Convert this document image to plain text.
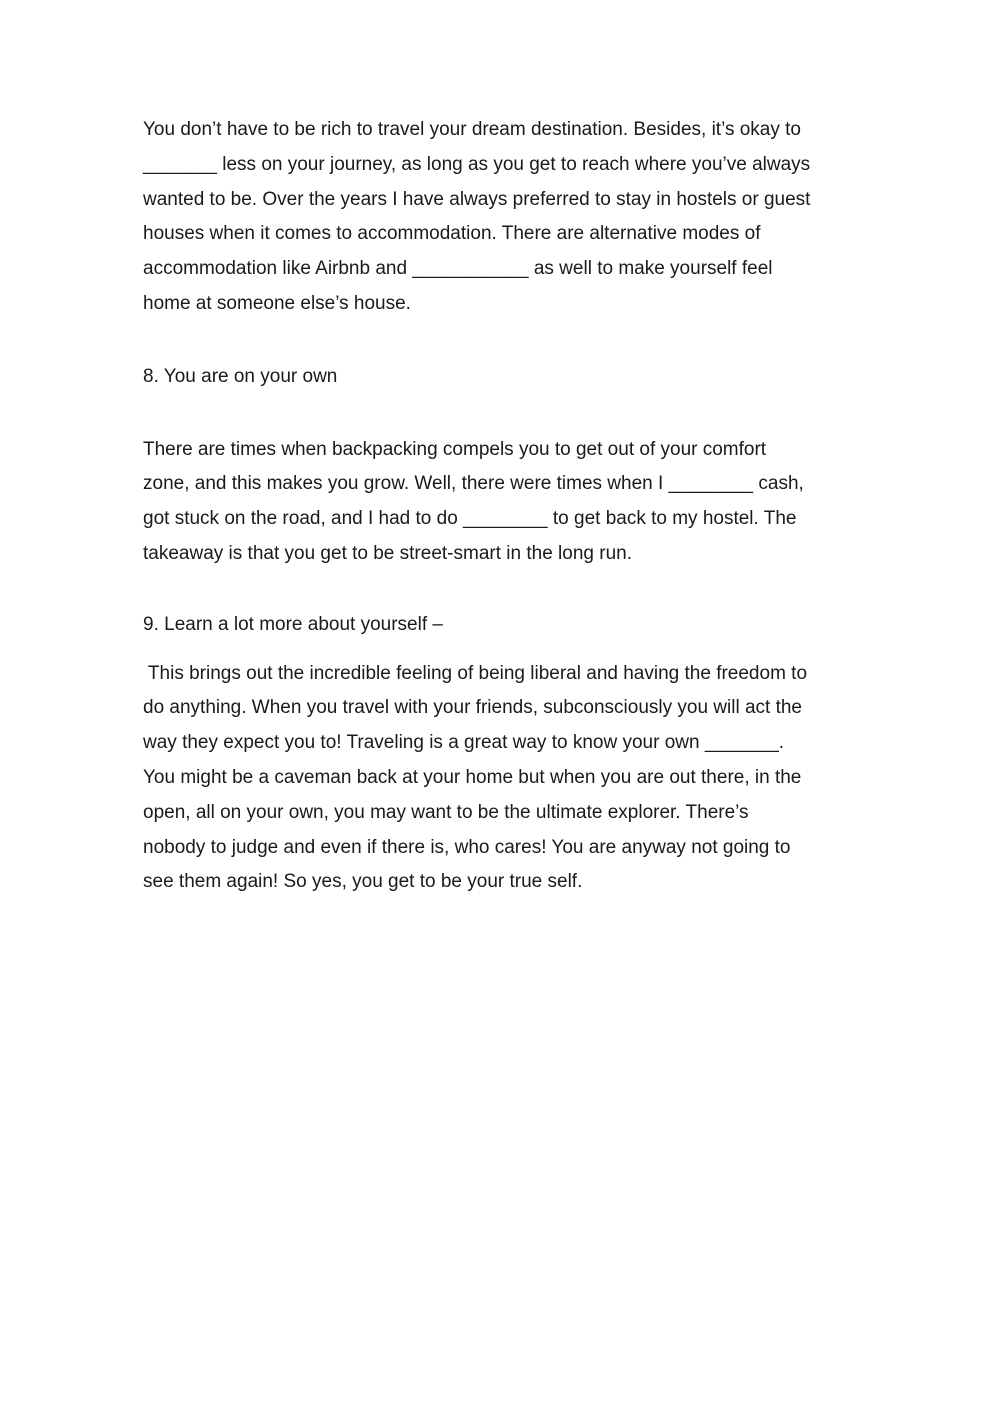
You don’t have to be rich to travel your dream destination. Besides, it’s okay to

_______ less on your journey, as long as you get to reach where you’ve always

wanted to be. Over the years I have always preferred to stay in hostels or guest

houses when it comes to accommodation. There are alternative modes of

accommodation like Airbnb and ___________ as well to make yourself feel

home at someone else’s house.

8. You are on your own

There are times when backpacking compels you to get out of your comfort

zone, and this makes you grow. Well, there were times when I ________ cash,

got stuck on the road, and I had to do ________ to get back to my hostel. The

takeaway is that you get to be street-smart in the long run.

9. Learn a lot more about yourself –

This brings out the incredible feeling of being liberal and having the freedom to

do anything. When you travel with your friends, subconsciously you will act the

way they expect you to! Traveling is a great way to know your own _______.

You might be a caveman back at your home but when you are out there, in the

open, all on your own, you may want to be the ultimate explorer. There’s

nobody to judge and even if there is, who cares! You are anyway not going to

see them again! So yes, you get to be your true self.
